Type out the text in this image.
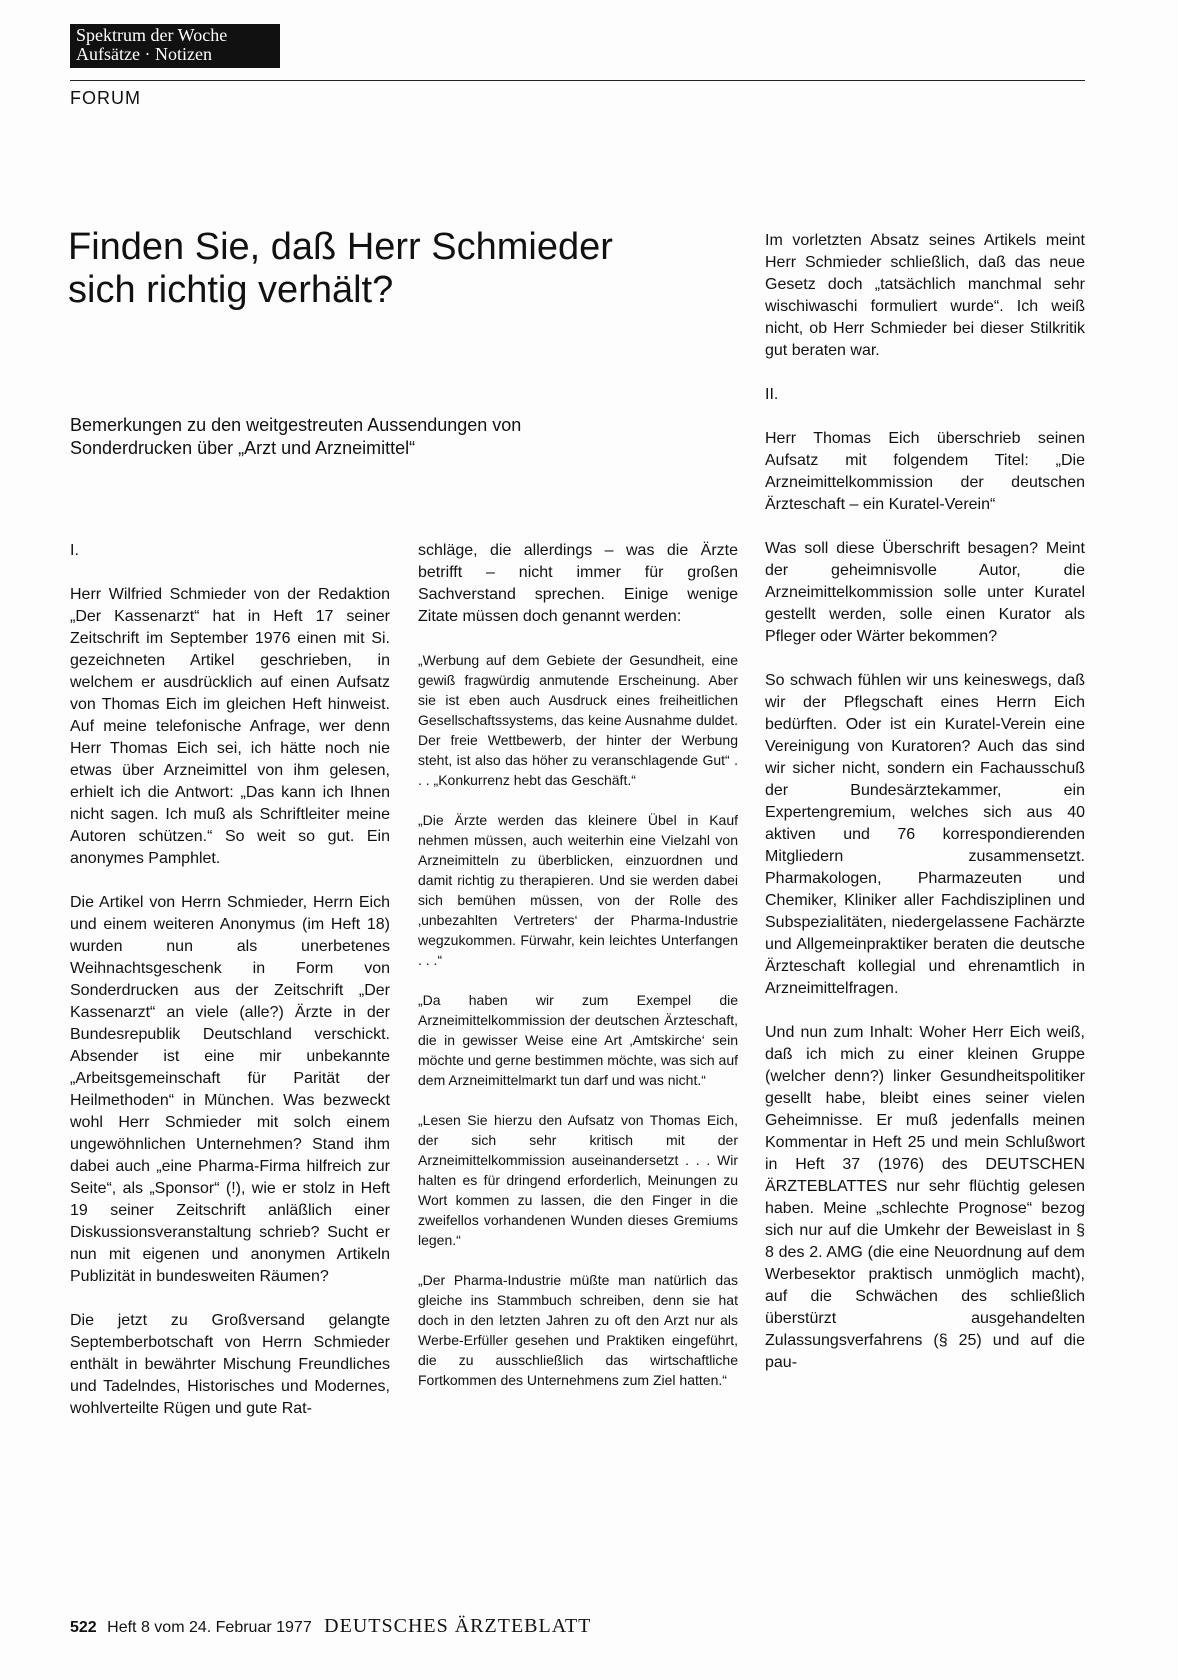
Spektrum der Woche
Aufsätze · Notizen
FORUM
Finden Sie, daß Herr Schmieder sich richtig verhält?

Bemerkungen zu den weitgestreuten Aussendungen von Sonderdrucken über „Arzt und Arzneimittel“

I.

Herr Wilfried Schmieder von der Redaktion „Der Kassenarzt“ hat in Heft 17 seiner Zeitschrift im September 1976 einen mit Si. gezeichneten Artikel geschrieben, in welchem er ausdrücklich auf einen Aufsatz von Thomas Eich im gleichen Heft hinweist. Auf meine telefonische Anfrage, wer denn Herr Thomas Eich sei, ich hätte noch nie etwas über Arzneimittel von ihm gelesen, erhielt ich die Antwort: „Das kann ich Ihnen nicht sagen. Ich muß als Schriftleiter meine Autoren schützen.“ So weit so gut. Ein anonymes Pamphlet.

Die Artikel von Herrn Schmieder, Herrn Eich und einem weiteren Anonymus (im Heft 18) wurden nun als unerbetenes Weihnachtsgeschenk in Form von Sonderdrucken aus der Zeitschrift „Der Kassenarzt“ an viele (alle?) Ärzte in der Bundesrepublik Deutschland verschickt. Absender ist eine mir unbekannte „Arbeitsgemeinschaft für Parität der Heilmethoden“ in München. Was bezweckt wohl Herr Schmieder mit solch einem ungewöhnlichen Unternehmen? Stand ihm dabei auch „eine Pharma-Firma hilfreich zur Seite“, als „Sponsor“ (!), wie er stolz in Heft 19 seiner Zeitschrift anläßlich einer Diskussionsveranstaltung schrieb? Sucht er nun mit eigenen und anonymen Artikeln Publizität in bundesweiten Räumen?

Die jetzt zu Großversand gelangte Septemberbotschaft von Herrn Schmieder enthält in bewährter Mischung Freundliches und Tadelndes, Historisches und Modernes, wohlverteilte Rügen und gute Rat-

schläge, die allerdings – was die Ärzte betrifft – nicht immer für großen Sachverstand sprechen. Einige wenige Zitate müssen doch genannt werden:

„Werbung auf dem Gebiete der Gesundheit, eine gewiß fragwürdig anmutende Erscheinung. Aber sie ist eben auch Ausdruck eines freiheitlichen Gesellschaftssystems, das keine Ausnahme duldet. Der freie Wettbewerb, der hinter der Werbung steht, ist also das höher zu veranschlagende Gut“ . . . „Konkurrenz hebt das Geschäft.“

„Die Ärzte werden das kleinere Übel in Kauf nehmen müssen, auch weiterhin eine Vielzahl von Arzneimitteln zu überblicken, einzuordnen und damit richtig zu therapieren. Und sie werden dabei sich bemühen müssen, von der Rolle des ‚unbezahlten Vertreters‘ der Pharma-Industrie wegzukommen. Fürwahr, kein leichtes Unterfangen . . .“

„Da haben wir zum Exempel die Arzneimittelkommission der deutschen Ärzteschaft, die in gewisser Weise eine Art ‚Amtskirche‘ sein möchte und gerne bestimmen möchte, was sich auf dem Arzneimittelmarkt tun darf und was nicht.“

„Lesen Sie hierzu den Aufsatz von Thomas Eich, der sich sehr kritisch mit der Arzneimittelkommission auseinandersetzt . . . Wir halten es für dringend erforderlich, Meinungen zu Wort kommen zu lassen, die den Finger in die zweifellos vorhandenen Wunden dieses Gremiums legen.“

„Der Pharma-Industrie müßte man natürlich das gleiche ins Stammbuch schreiben, denn sie hat doch in den letzten Jahren zu oft den Arzt nur als Werbe-Erfüller gesehen und Praktiken eingeführt, die zu ausschließlich das wirtschaftliche Fortkommen des Unternehmens zum Ziel hatten.“

Im vorletzten Absatz seines Artikels meint Herr Schmieder schließlich, daß das neue Gesetz doch „tatsächlich manchmal sehr wischiwaschi formuliert wurde“. Ich weiß nicht, ob Herr Schmieder bei dieser Stilkritik gut beraten war.

II.

Herr Thomas Eich überschrieb seinen Aufsatz mit folgendem Titel: „Die Arzneimittelkommission der deutschen Ärzteschaft – ein Kuratel-Verein“

Was soll diese Überschrift besagen? Meint der geheimnisvolle Autor, die Arzneimittelkommission solle unter Kuratel gestellt werden, solle einen Kurator als Pfleger oder Wärter bekommen?

So schwach fühlen wir uns keineswegs, daß wir der Pflegschaft eines Herrn Eich bedürften. Oder ist ein Kuratel-Verein eine Vereinigung von Kuratoren? Auch das sind wir sicher nicht, sondern ein Fachausschuß der Bundesärztekammer, ein Expertengremium, welches sich aus 40 aktiven und 76 korrespondierenden Mitgliedern zusammensetzt. Pharmakologen, Pharmazeuten und Chemiker, Kliniker aller Fachdisziplinen und Subspezialitäten, niedergelassene Fachärzte und Allgemeinpraktiker beraten die deutsche Ärzteschaft kollegial und ehrenamtlich in Arzneimittelfragen.

Und nun zum Inhalt: Woher Herr Eich weiß, daß ich mich zu einer kleinen Gruppe (welcher denn?) linker Gesundheitspolitiker gesellt habe, bleibt eines seiner vielen Geheimnisse. Er muß jedenfalls meinen Kommentar in Heft 25 und mein Schlußwort in Heft 37 (1976) des DEUTSCHEN ÄRZTEBLATTES nur sehr flüchtig gelesen haben. Meine „schlechte Prognose“ bezog sich nur auf die Umkehr der Beweislast in § 8 des 2. AMG (die eine Neuordnung auf dem Werbesektor praktisch unmöglich macht), auf die Schwächen des schließlich überstürzt ausgehandelten Zulassungsverfahrens (§ 25) und auf die pau-

522 Heft 8 vom 24. Februar 1977 DEUTSCHES ÄRZTEBLATT
